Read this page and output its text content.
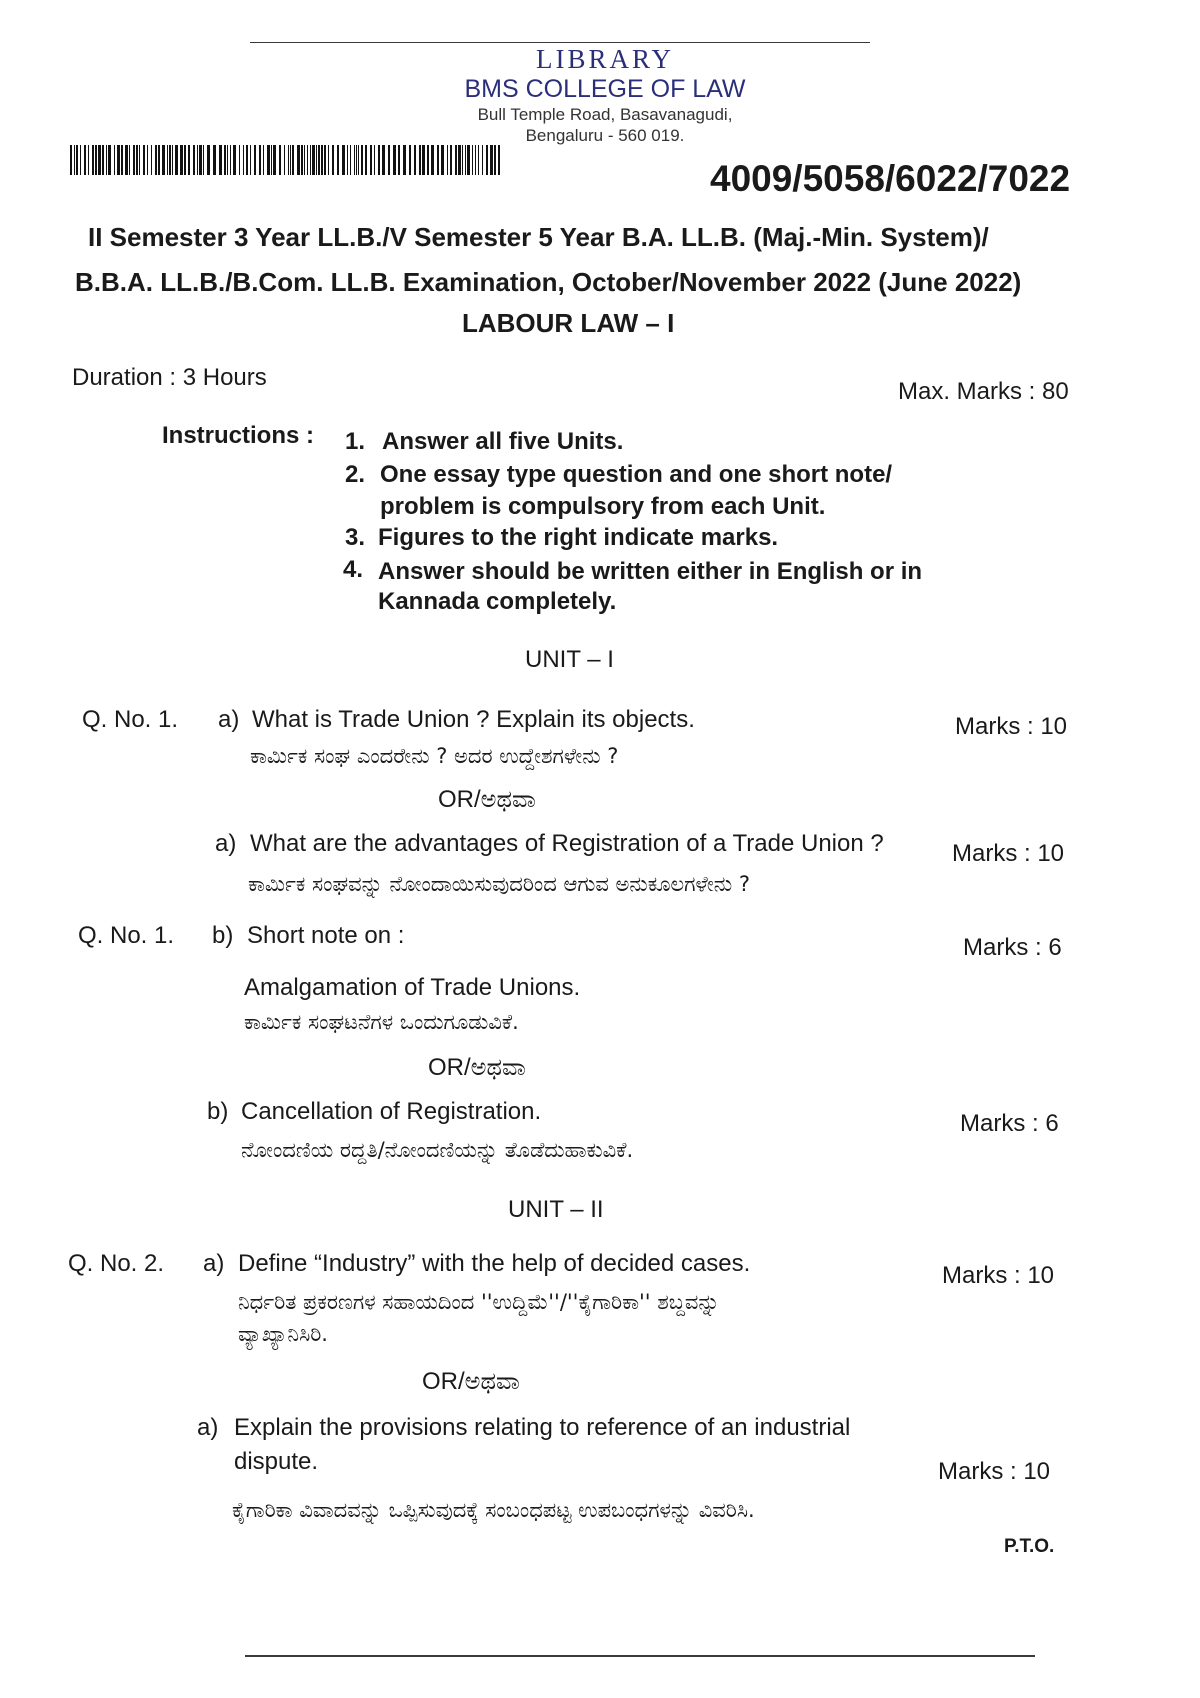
LIBRARY
BMS COLLEGE OF LAW
Bull Temple Road, Basavanagudi,
Bengaluru - 560 019.
4009/5058/6022/7022
II Semester 3 Year LL.B./V Semester 5 Year B.A. LL.B. (Maj.-Min. System)/
B.B.A. LL.B./B.Com. LL.B. Examination, October/November 2022 (June 2022)
LABOUR LAW – I
Duration : 3 Hours
Max. Marks : 80
Instructions : 1. Answer all five Units.
2. One essay type question and one short note/
problem is compulsory from each Unit.
3. Figures to the right indicate marks.
4. Answer should be written either in English or in
Kannada completely.
UNIT – I
Q. No. 1. a) What is Trade Union ? Explain its objects.	Marks : 10
ಕಾರ್ಮಿಕ ಸಂಘ ಎಂದರೇನು ? ಅದರ ಉದ್ದೇಶಗಳೇನು ?
OR/ಅಥವಾ
a) What are the advantages of Registration of a Trade Union ?	Marks : 10
ಕಾರ್ಮಿಕ ಸಂಘವನ್ನು ನೋಂದಾಯಿಸುವುದರಿಂದ ಆಗುವ ಅನುಕೂಲಗಳೇನು ?
Q. No. 1. b) Short note on :	Marks : 6
Amalgamation of Trade Unions.
ಕಾರ್ಮಿಕ ಸಂಘಟನೆಗಳ ಒಂದುಗೂಡುವಿಕೆ.
OR/ಅಥವಾ
b) Cancellation of Registration.	Marks : 6
ನೋಂದಣಿಯ ರದ್ದತಿ/ನೋಂದಣಿಯನ್ನು ತೊಡೆದುಹಾಕುವಿಕೆ.
UNIT – II
Q. No. 2. a) Define “Industry” with the help of decided cases.	Marks : 10
ನಿರ್ಧರಿತ ಪ್ರಕರಣಗಳ ಸಹಾಯದಿಂದ ''ಉದ್ದಿಮೆ''/''ಕೈಗಾರಿಕಾ'' ಶಬ್ದವನ್ನು
ವ್ಯಾಖ್ಯಾನಿಸಿರಿ.
OR/ಅಥವಾ
a) Explain the provisions relating to reference of an industrial
dispute.	Marks : 10
ಕೈಗಾರಿಕಾ ವಿವಾದವನ್ನು ಒಪ್ಪಿಸುವುದಕ್ಕೆ ಸಂಬಂಧಪಟ್ಟ ಉಪಬಂಧಗಳನ್ನು ವಿವರಿಸಿ.
P.T.O.
